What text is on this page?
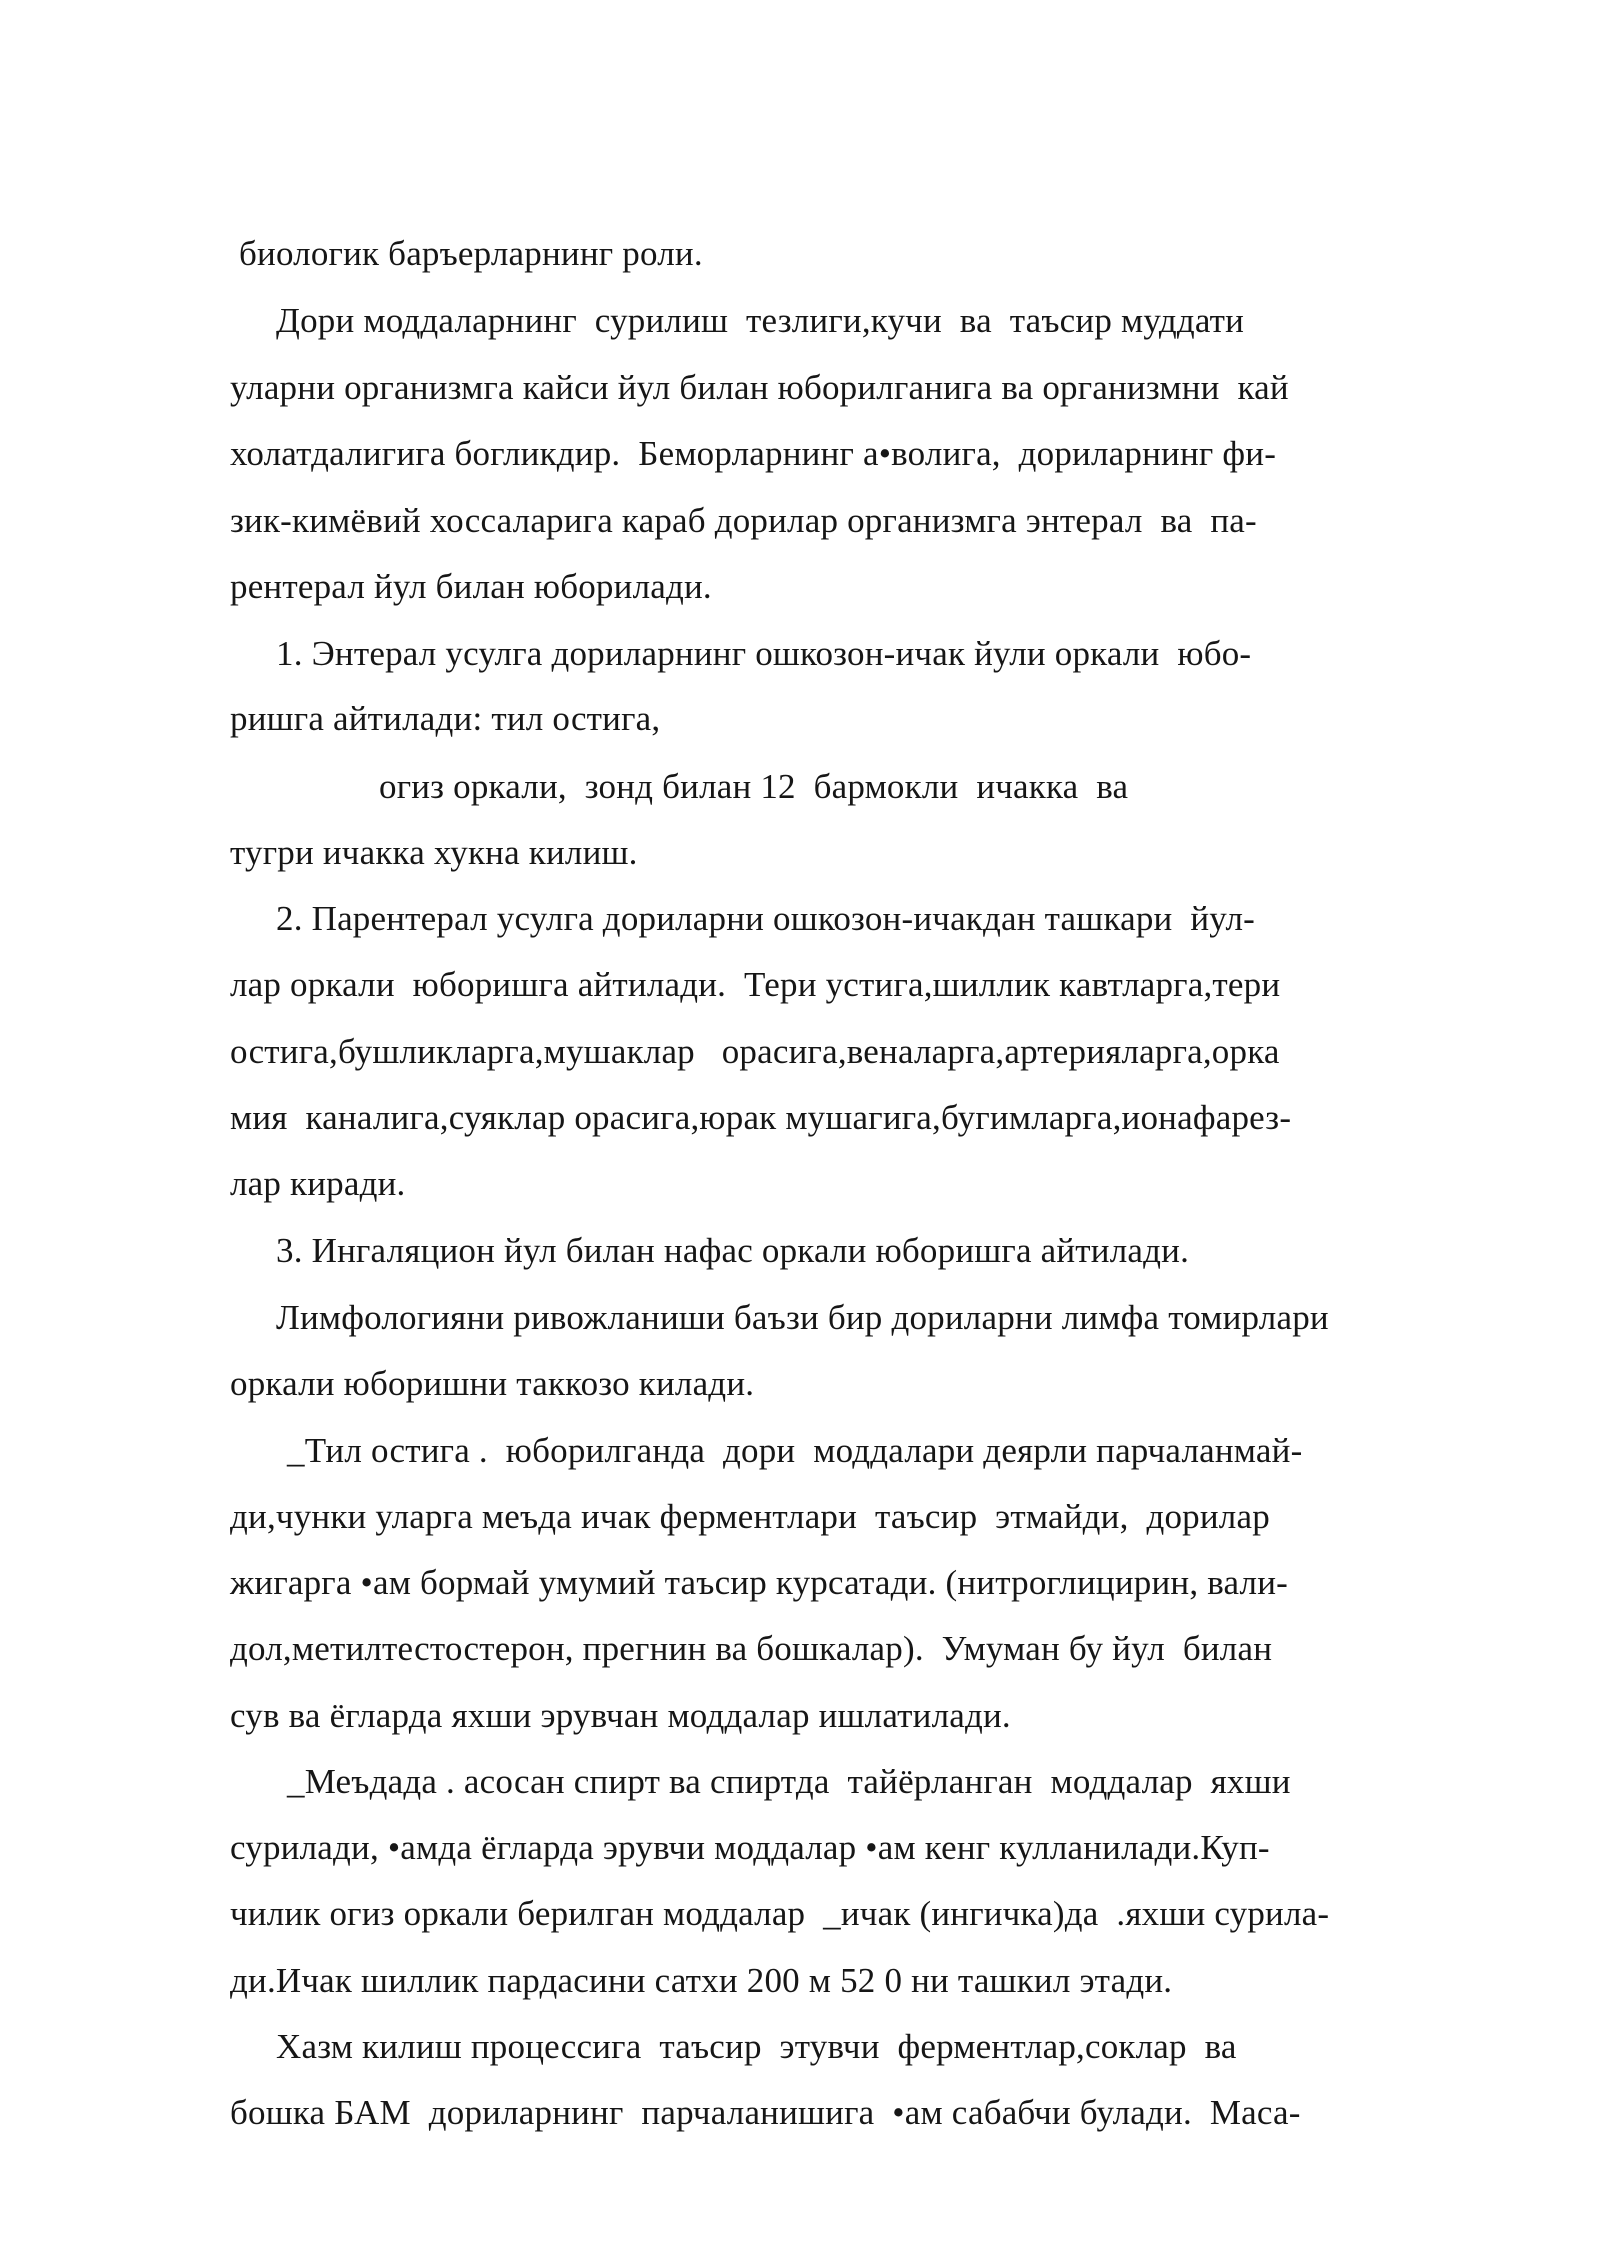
биологик баръерларнинг роли.
Дори моддаларнинг  сурилиш  тезлиги,кучи  ва  таъсир муддати
уларни организмга кайси йул билан юборилганига ва организмни  кай
холатдалигига богликдир.  Беморларнинг а•волига,  дориларнинг фи-
зик-кимёвий хоссаларига караб дорилар организмга энтерал  ва  па-
рентерал йул билан юборилади.
1. Энтерал усулга дориларнинг ошкозон-ичак йули оркали  юбо-
ришга айтилади: тил остига,
огиз оркали,  зонд билан 12  бармокли  ичакка  ва
тугри ичакка хукна килиш.
2. Парентерал усулга дориларни ошкозон-ичакдан ташкари  йул-
лар оркали  юборишга айтилади.  Тери устига,шиллик кавтларга,тери
остига,бушликларга,мушаклар   орасига,веналарга,артерияларга,орка
мия  каналига,суяклар орасига,юрак мушагига,бугимларга,ионафарез-
лар киради.
3. Ингаляцион йул билан нафас оркали юборишга айтилади.
Лимфологияни ривожланиши баъзи бир дориларни лимфа томирлари
оркали юборишни таккозо килади.
_Тил остига .  юборилганда  дори  моддалари деярли парчаланмай-
ди,чунки уларга меъда ичак ферментлари  таъсир  этмайди,  дорилар
жигарга •ам бормай умумий таъсир курсатади. (нитроглицирин, вали-
дол,метилтестостерон, прегнин ва бошкалар).  Умуман бу йул  билан
сув ва ёгларда яхши эрувчан моддалар ишлатилади.
_Меъдада . асосан спирт ва спиртда  тайёрланган  моддалар  яхши
сурилади, •амда ёгларда эрувчи моддалар •ам кенг кулланилади.Куп-
чилик огиз оркали берилган моддалар  _ичак (ингичка)да  .яхши сурила-
ди.Ичак шиллик пардасини сатхи 200 м 52 0 ни ташкил этади.
Хазм килиш процессига  таъсир  этувчи  ферментлар,соклар  ва
бошка БАМ  дориларнинг  парчаланишига  •ам сабабчи булади.  Маса-
